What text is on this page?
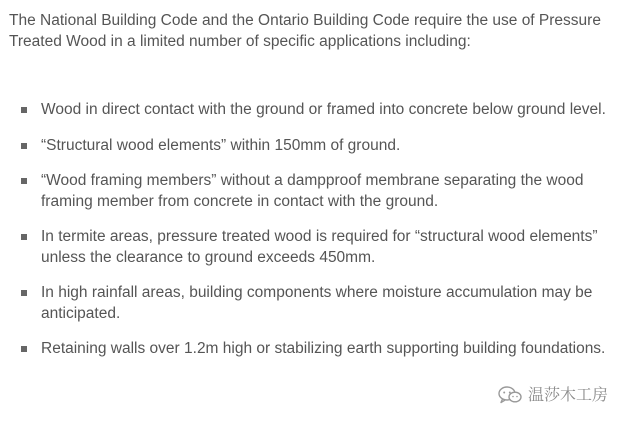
The National Building Code and the Ontario Building Code require the use of Pressure Treated Wood in a limited number of specific applications including:

Wood in direct contact with the ground or framed into concrete below ground level.
“Structural wood elements” within 150mm of ground.
“Wood framing members” without a dampproof membrane separating the wood framing member from concrete in contact with the ground.
In termite areas, pressure treated wood is required for “structural wood elements” unless the clearance to ground exceeds 450mm.
In high rainfall areas, building components where moisture accumulation may be anticipated.
Retaining walls over 1.2m high or stabilizing earth supporting building foundations.
温莎木工房
